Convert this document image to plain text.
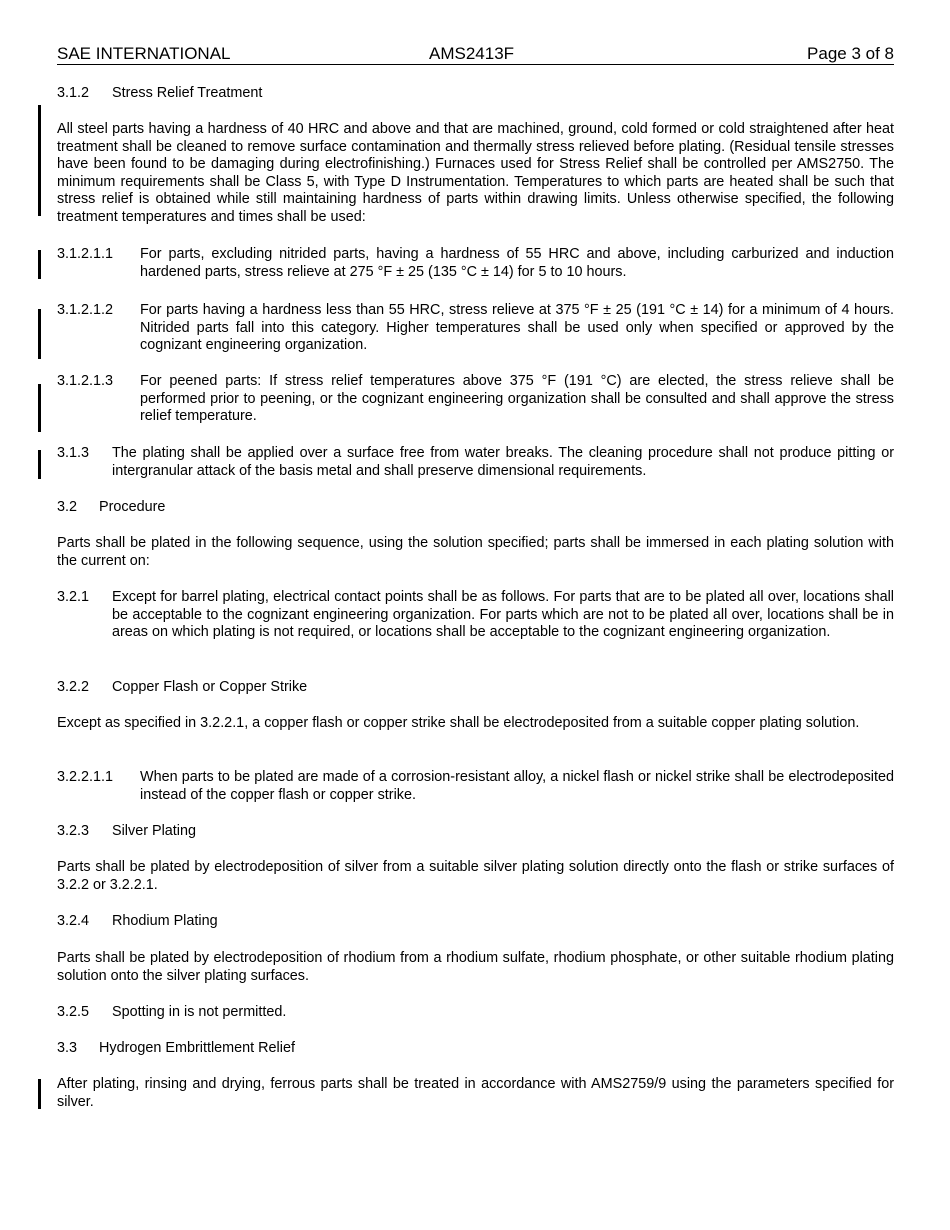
SAE INTERNATIONAL	AMS2413F	Page 3 of 8
3.1.2 Stress Relief Treatment
All steel parts having a hardness of 40 HRC and above and that are machined, ground, cold formed or cold straightened after heat treatment shall be cleaned to remove surface contamination and thermally stress relieved before plating. (Residual tensile stresses have been found to be damaging during electrofinishing.) Furnaces used for Stress Relief shall be controlled per AMS2750. The minimum requirements shall be Class 5, with Type D Instrumentation. Temperatures to which parts are heated shall be such that stress relief is obtained while still maintaining hardness of parts within drawing limits. Unless otherwise specified, the following treatment temperatures and times shall be used:
3.1.2.1.1 For parts, excluding nitrided parts, having a hardness of 55 HRC and above, including carburized and induction hardened parts, stress relieve at 275 °F ± 25 (135 °C ± 14) for 5 to 10 hours.
3.1.2.1.2 For parts having a hardness less than 55 HRC, stress relieve at 375 °F ± 25 (191 °C ± 14) for a minimum of 4 hours. Nitrided parts fall into this category. Higher temperatures shall be used only when specified or approved by the cognizant engineering organization.
3.1.2.1.3 For peened parts: If stress relief temperatures above 375 °F (191 °C) are elected, the stress relieve shall be performed prior to peening, or the cognizant engineering organization shall be consulted and shall approve the stress relief temperature.
3.1.3 The plating shall be applied over a surface free from water breaks. The cleaning procedure shall not produce pitting or intergranular attack of the basis metal and shall preserve dimensional requirements.
3.2 Procedure
Parts shall be plated in the following sequence, using the solution specified; parts shall be immersed in each plating solution with the current on:
3.2.1 Except for barrel plating, electrical contact points shall be as follows. For parts that are to be plated all over, locations shall be acceptable to the cognizant engineering organization. For parts which are not to be plated all over, locations shall be in areas on which plating is not required, or locations shall be acceptable to the cognizant engineering organization.
3.2.2 Copper Flash or Copper Strike
Except as specified in 3.2.2.1, a copper flash or copper strike shall be electrodeposited from a suitable copper plating solution.
3.2.2.1.1 When parts to be plated are made of a corrosion-resistant alloy, a nickel flash or nickel strike shall be electrodeposited instead of the copper flash or copper strike.
3.2.3 Silver Plating
Parts shall be plated by electrodeposition of silver from a suitable silver plating solution directly onto the flash or strike surfaces of 3.2.2 or 3.2.2.1.
3.2.4 Rhodium Plating
Parts shall be plated by electrodeposition of rhodium from a rhodium sulfate, rhodium phosphate, or other suitable rhodium plating solution onto the silver plating surfaces.
3.2.5 Spotting in is not permitted.
3.3 Hydrogen Embrittlement Relief
After plating, rinsing and drying, ferrous parts shall be treated in accordance with AMS2759/9 using the parameters specified for silver.
